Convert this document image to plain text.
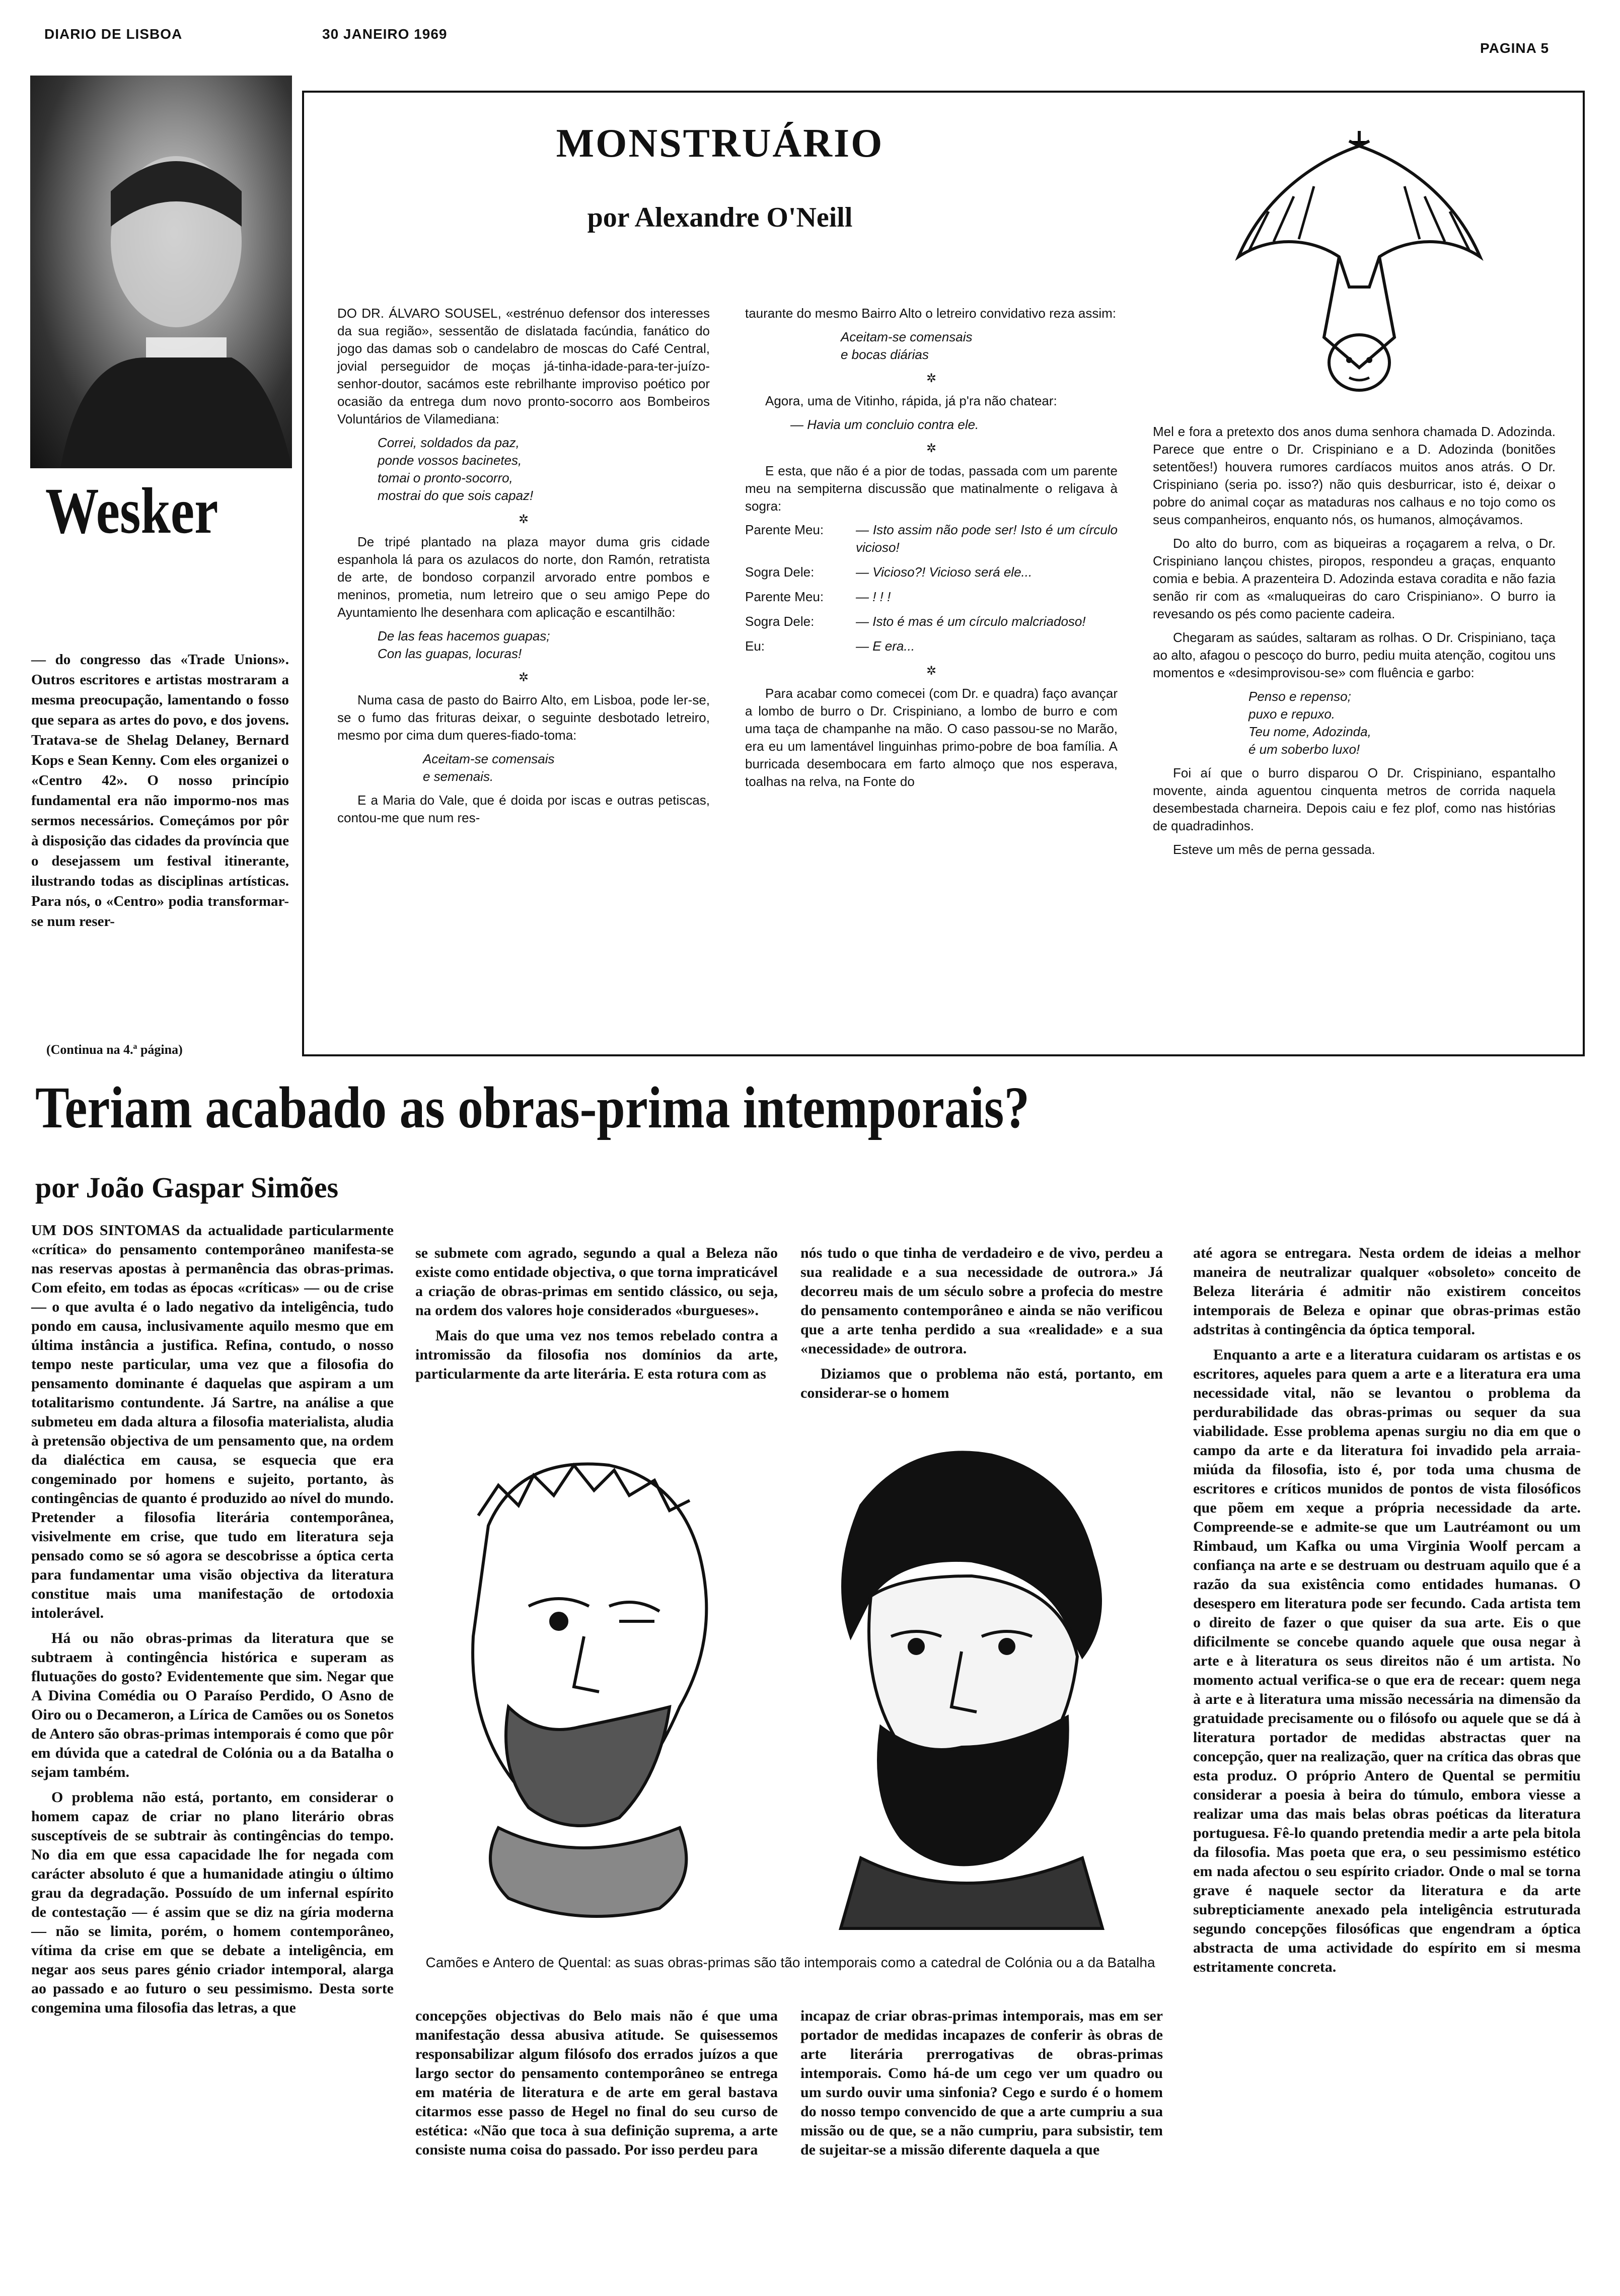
DIARIO DE LISBOA	30 JANEIRO 1969
PAGINA 5
Wesker

— do congresso das «Trade Unions». Outros escritores e artistas mostraram a mesma preocupação, lamentando o fosso que separa as artes do povo, e dos jovens. Tratava-se de Shelag Delaney, Bernard Kops e Sean Kenny. Com eles organizei o «Centro 42». O nosso princípio fundamental era não impormo-nos mas sermos necessários. Começámos por pôr à disposição das cidades da província que o desejassem um festival itinerante, ilustrando todas as disciplinas artísticas. Para nós, o «Centro» podia transformar-se num reser-

(Continua na 4.ª página)
MONSTRUÁRIO
por Alexandre O'Neill

DO DR. ÁLVARO SOUSEL, «estrénuo defensor dos interesses da sua região», sessentão de dislatada facúndia, fanático do jogo das damas sob o candelabro de moscas do Café Central, jovial perseguidor de moças já-tinha-idade-para-ter-juízo-senhor-doutor, sacámos este rebrilhante improviso poético por ocasião da entrega dum novo pronto-socorro aos Bombeiros Voluntários de Vilamediana:

Correi, soldados da paz,
ponde vossos bacinetes,
tomai o pronto-socorro,
mostrai do que sois capaz!

✲

De tripé plantado na plaza mayor duma gris cidade espanhola lá para os azulacos do norte, don Ramón, retratista de arte, de bondoso corpanzil arvorado entre pombos e meninos, prometia, num letreiro que o seu amigo Pepe do Ayuntamiento lhe desenhara com aplicação e escantilhão:

De las feas hacemos guapas;
Con las guapas, locuras!

✲

Numa casa de pasto do Bairro Alto, em Lisboa, pode ler-se, se o fumo das frituras deixar, o seguinte desbotado letreiro, mesmo por cima dum queres-fiado-toma:

Aceitam-se comensais
e semenais.

E a Maria do Vale, que é doida por iscas e outras petiscas, contou-me que num res-

taurante do mesmo Bairro Alto o letreiro convidativo reza assim:

Aceitam-se comensais
e bocas diárias

✲

Agora, uma de Vitinho, rápida, já p'ra não chatear:

— Havia um concluio contra ele.

✲

E esta, que não é a pior de todas, passada com um parente meu na sempiterna discussão que matinalmente o religava à sogra:

Parente Meu:	— Isto assim não pode ser! Isto é um círculo vicioso!
Sogra Dele:	— Vicioso?! Vicioso será ele...
Parente Meu:	— ! ! !
Sogra Dele:	— Isto é mas é um círculo malcriadoso!
Eu:	— E era...
✲

Para acabar como comecei (com Dr. e quadra) faço avançar a lombo de burro o Dr. Crispiniano, a lombo de burro e com uma taça de champanhe na mão. O caso passou-se no Marão, era eu um lamentável linguinhas primo-pobre de boa família. A burricada desembocara em farto almoço que nos esperava, toalhas na relva, na Fonte do

Mel e fora a pretexto dos anos duma senhora chamada D. Adozinda. Parece que entre o Dr. Crispiniano e a D. Adozinda (bonitões setentões!) houvera rumores cardíacos muitos anos atrás. O Dr. Crispiniano (seria po. isso?) não quis desburricar, isto é, deixar o pobre do animal coçar as mataduras nos calhaus e no tojo como os seus companheiros, enquanto nós, os humanos, almoçávamos.

Do alto do burro, com as biqueiras a roçagarem a relva, o Dr. Crispiniano lançou chistes, piropos, respondeu a graças, enquanto comia e bebia. A prazenteira D. Adozinda estava coradita e não fazia senão rir com as «maluqueiras do caro Crispiniano». O burro ia revesando os pés como paciente cadeira.

Chegaram as saúdes, saltaram as rolhas. O Dr. Crispiniano, taça ao alto, afagou o pescoço do burro, pediu muita atenção, cogitou uns momentos e «desimprovisou-se» com fluência e garbo:

Penso e repenso;
puxo e repuxo.
Teu nome, Adozinda,
é um soberbo luxo!

Foi aí que o burro disparou O Dr. Crispiniano, espantalho movente, ainda aguentou cinquenta metros de corrida naquela desembestada charneira. Depois caiu e fez plof, como nas histórias de quadradinhos.

Esteve um mês de perna gessada.

Teriam acabado as obras-prima intemporais?
por João Gaspar Simões

UM DOS SINTOMAS da actualidade particularmente «crítica» do pensamento contemporâneo manifesta-se nas reservas apostas à permanência das obras-primas. Com efeito, em todas as épocas «críticas» — ou de crise — o que avulta é o lado negativo da inteligência, tudo pondo em causa, inclusivamente aquilo mesmo que em última instância a justifica. Refina, contudo, o nosso tempo neste particular, uma vez que a filosofia do pensamento dominante é daquelas que aspiram a um totalitarismo contundente. Já Sartre, na análise a que submeteu em dada altura a filosofia materialista, aludia à pretensão objectiva de um pensamento que, na ordem da dialéctica em causa, se esquecia que era congeminado por homens e sujeito, portanto, às contingências de quanto é produzido ao nível do mundo. Pretender a filosofia literária contemporânea, visivelmente em crise, que tudo em literatura seja pensado como se só agora se descobrisse a óptica certa para fundamentar uma visão objectiva da literatura constitue mais uma manifestação de ortodoxia intolerável.

Há ou não obras-primas da literatura que se subtraem à contingência histórica e superam as flutuações do gosto? Evidentemente que sim. Negar que A Divina Comédia ou O Paraíso Perdido, O Asno de Oiro ou o Decameron, a Lírica de Camões ou os Sonetos de Antero são obras-primas intemporais é como que pôr em dúvida que a catedral de Colónia ou a da Batalha o sejam também.

O problema não está, portanto, em considerar o homem capaz de criar no plano literário obras susceptíveis de se subtrair às contingências do tempo. No dia em que essa capacidade lhe for negada com carácter absoluto é que a humanidade atingiu o último grau da degradação. Possuído de um infernal espírito de contestação — é assim que se diz na gíria moderna — não se limita, porém, o homem contemporâneo, vítima da crise em que se debate a inteligência, em negar aos seus pares génio criador intemporal, alarga ao passado e ao futuro o seu pessimismo. Desta sorte congemina uma filosofia das letras, a que

se submete com agrado, segundo a qual a Beleza não existe como entidade objectiva, o que torna impraticável a criação de obras-primas em sentido clássico, ou seja, na ordem dos valores hoje considerados «burgueses».

Mais do que uma vez nos temos rebelado contra a intromissão da filosofia nos domínios da arte, particularmente da arte literária. E esta rotura com as

nós tudo o que tinha de verdadeiro e de vivo, perdeu a sua realidade e a sua necessidade de outrora.» Já decorreu mais de um século sobre a profecia do mestre do pensamento contemporâneo e ainda se não verificou que a arte tenha perdido a sua «realidade» e a sua «necessidade» de outrora.

Diziamos que o problema não está, portanto, em considerar-se o homem

Camões e Antero de Quental: as suas obras-primas são tão intemporais como a catedral de Colónia ou a da Batalha

concepções objectivas do Belo mais não é que uma manifestação dessa abusiva atitude. Se quisessemos responsabilizar algum filósofo dos errados juízos a que largo sector do pensamento contemporâneo se entrega em matéria de literatura e de arte em geral bastava citarmos esse passo de Hegel no final do seu curso de estética: «Não que toca à sua definição suprema, a arte consiste numa coisa do passado. Por isso perdeu para

incapaz de criar obras-primas intemporais, mas em ser portador de medidas incapazes de conferir às obras de arte literária prerrogativas de obras-primas intemporais. Como há-de um cego ver um quadro ou um surdo ouvir uma sinfonia? Cego e surdo é o homem do nosso tempo convencido de que a arte cumpriu a sua missão ou de que, se a não cumpriu, para subsistir, tem de sujeitar-se a missão diferente daquela a que

até agora se entregara. Nesta ordem de ideias a melhor maneira de neutralizar qualquer «obsoleto» conceito de Beleza literária é admitir não existirem conceitos intemporais de Beleza e opinar que obras-primas estão adstritas à contingência da óptica temporal.

Enquanto a arte e a literatura cuidaram os artistas e os escritores, aqueles para quem a arte e a literatura era uma necessidade vital, não se levantou o problema da perdurabilidade das obras-primas ou sequer da sua viabilidade. Esse problema apenas surgiu no dia em que o campo da arte e da literatura foi invadido pela arraia-miúda da filosofia, isto é, por toda uma chusma de escritores e críticos munidos de pontos de vista filosóficos que põem em xeque a própria necessidade da arte. Compreende-se e admite-se que um Lautréamont ou um Rimbaud, um Kafka ou uma Virginia Woolf percam a confiança na arte e se destruam ou destruam aquilo que é a razão da sua existência como entidades humanas. O desespero em literatura pode ser fecundo. Cada artista tem o direito de fazer o que quiser da sua arte. Eis o que dificilmente se concebe quando aquele que ousa negar à arte e à literatura os seus direitos não é um artista. No momento actual verifica-se o que era de recear: quem nega à arte e à literatura uma missão necessária na dimensão da gratuidade precisamente ou o filósofo ou aquele que se dá à literatura portador de medidas abstractas quer na concepção, quer na realização, quer na crítica das obras que esta produz. O próprio Antero de Quental se permitiu considerar a poesia à beira do túmulo, embora viesse a realizar uma das mais belas obras poéticas da literatura portuguesa. Fê-lo quando pretendia medir a arte pela bitola da filosofia. Mas poeta que era, o seu pessimismo estético em nada afectou o seu espírito criador. Onde o mal se torna grave é naquele sector da literatura e da arte subrepticiamente anexado pela inteligência estruturada segundo concepções filosóficas que engendram a óptica abstracta de uma actividade do espírito em si mesma estritamente concreta.
